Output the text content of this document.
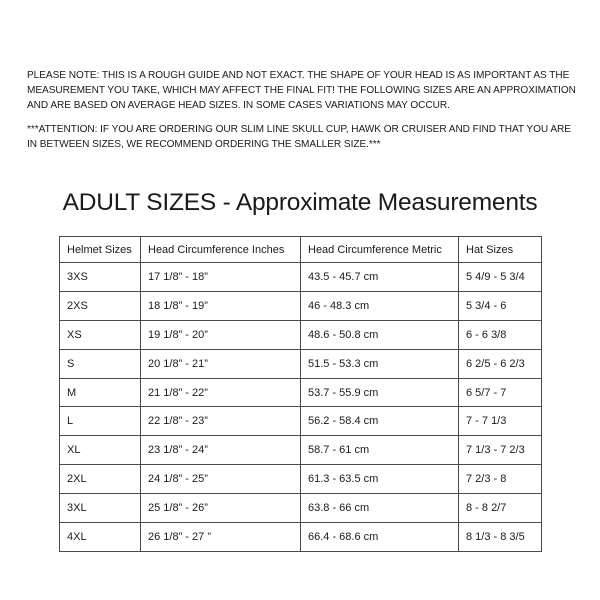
PLEASE NOTE: THIS IS A ROUGH GUIDE AND NOT EXACT. THE SHAPE OF YOUR HEAD IS AS IMPORTANT AS THE MEASUREMENT YOU TAKE, WHICH MAY AFFECT THE FINAL FIT! THE FOLLOWING SIZES ARE AN APPROXIMATION AND ARE BASED ON AVERAGE HEAD SIZES. IN SOME CASES VARIATIONS MAY OCCUR.

***ATTENTION: IF YOU ARE ORDERING OUR SLIM LINE SKULL CUP, HAWK OR CRUISER AND FIND THAT YOU ARE IN BETWEEN SIZES, WE RECOMMEND ORDERING THE SMALLER SIZE.***

ADULT SIZES - Approximate Measurements
Helmet Sizes	Head Circumference Inches	Head Circumference Metric	Hat Sizes
3XS	17 1/8” - 18”	43.5 - 45.7 cm	5 4/9 - 5 3/4
2XS	18 1/8” - 19”	46 - 48.3 cm	5 3/4 - 6
XS	19 1/8” - 20”	48.6 - 50.8 cm	6 - 6 3/8
S	20 1/8” - 21”	51.5 - 53.3 cm	6 2/5 - 6 2/3
M	21 1/8” - 22”	53.7 - 55.9 cm	6 5/7 - 7
L	22 1/8” - 23”	56.2 - 58.4 cm	7 - 7 1/3
XL	23 1/8” - 24”	58.7 - 61 cm	7 1/3 - 7 2/3
2XL	24 1/8” - 25”	61.3 - 63.5 cm	7 2/3 - 8
3XL	25 1/8” - 26”	63.8 - 66 cm	8 - 8 2/7
4XL	26 1/8” - 27 ”	66.4 - 68.6 cm	8 1/3 - 8 3/5
